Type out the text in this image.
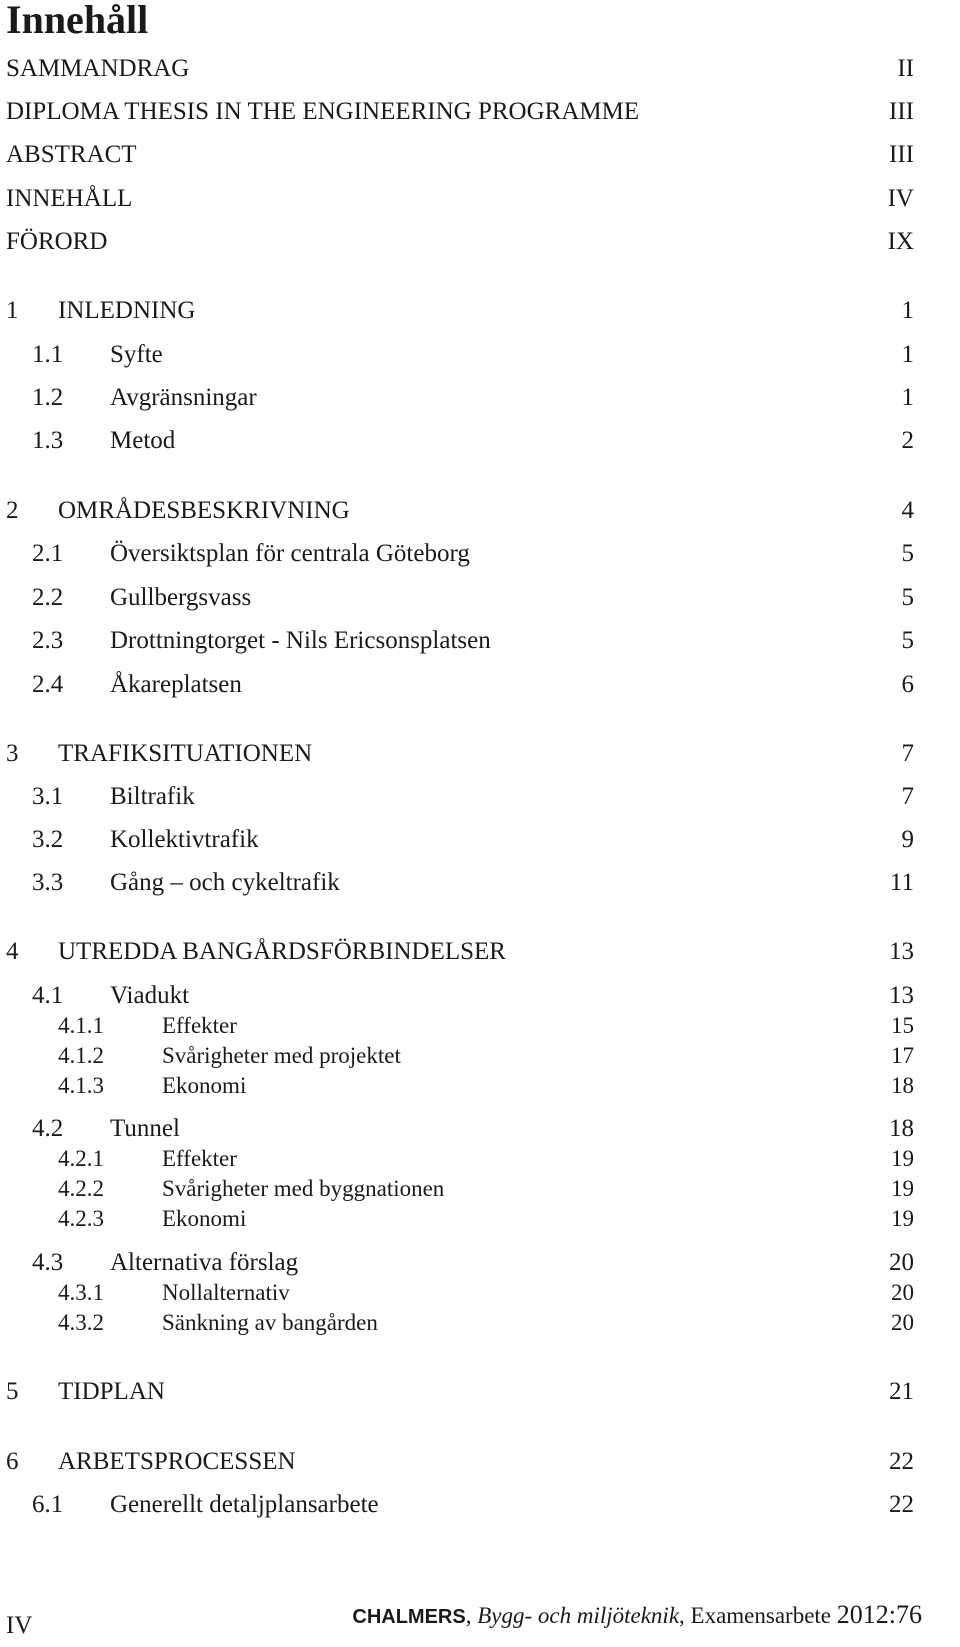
Innehåll
SAMMANDRAG	II
DIPLOMA THESIS IN THE ENGINEERING PROGRAMME	III
ABSTRACT	III
INNEHÅLL	IV
FÖRORD	IX
1 INLEDNING	1
1.1 Syfte	1
1.2 Avgränsningar	1
1.3 Metod	2
2 OMRÅDESBESKRIVNING	4
2.1 Översiktsplan för centrala Göteborg	5
2.2 Gullbergsvass	5
2.3 Drottningtorget - Nils Ericsonsplatsen	5
2.4 Åkareplatsen	6
3 TRAFIKSITUATIONEN	7
3.1 Biltrafik	7
3.2 Kollektivtrafik	9
3.3 Gång – och cykeltrafik	11
4 UTREDDA BANGÅRDSFÖRBINDELSER	13
4.1 Viadukt	13
4.1.1	Effekter	15
4.1.2	Svårigheter med projektet	17
4.1.3	Ekonomi	18
4.2 Tunnel	18
4.2.1	Effekter	19
4.2.2	Svårigheter med byggnationen	19
4.2.3	Ekonomi	19
4.3 Alternativa förslag	20
4.3.1	Nollalternativ	20
4.3.2	Sänkning av bangården	20
5 TIDPLAN	21
6 ARBETSPROCESSEN	22
6.1 Generellt detaljplansarbete	22
IV	CHALMERS, Bygg- och miljöteknik, Examensarbete 2012:76
